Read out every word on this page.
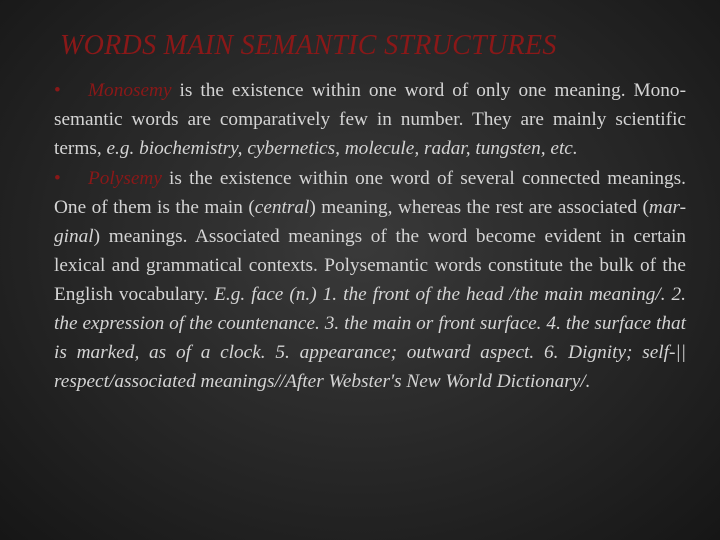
WORDS MAIN SEMANTIC STRUCTURES

• Monosemy is the existence within one word of only one meaning. Mono-semantic words are comparatively few in number. They are mainly scientific terms, e.g. biochemistry, cybernetics, molecule, radar, tungsten, etc.

• Polysemy is the existence within one word of several connected meanings. One of them is the main (central) meaning, whereas the rest are associated (mar-ginal) meanings. Associated meanings of the word become evident in certain lexical and grammatical contexts. Polysemantic words constitute the bulk of the English vocabulary. E.g. face (n.) 1. the front of the head /the main meaning/. 2. the expression of the countenance. 3. the main or front surface. 4. the surface that is marked, as of a clock. 5. appearance; outward aspect. 6. Dignity; self-|| respect/associated meanings//After Webster's New World Dictionary/.
